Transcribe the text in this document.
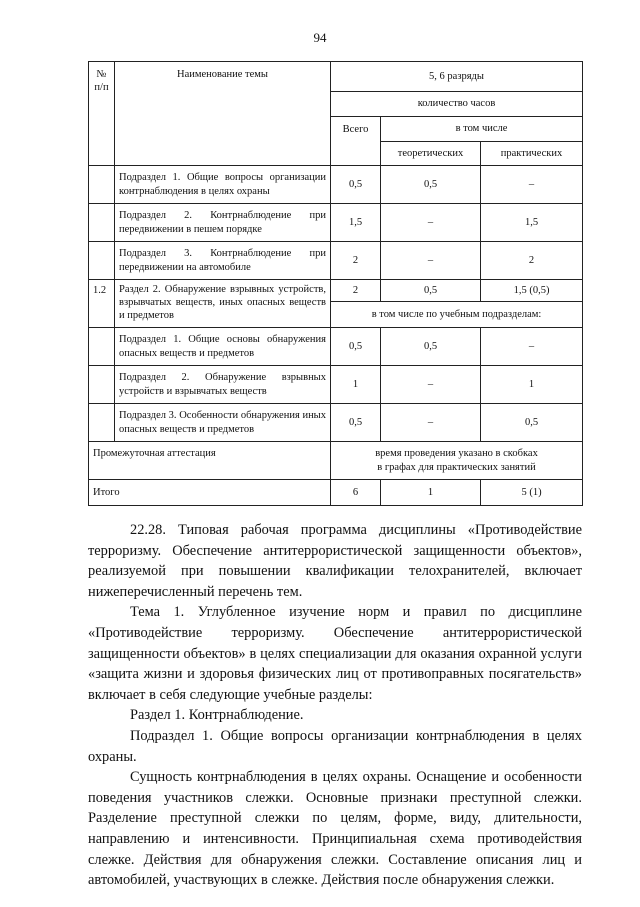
94
№
п/п	Наименование темы	5, 6 разряды		
		количество часов		
		Всего	в том числе	
			теоретических	практических
	Подраздел 1. Общие вопросы организации контрнаблюдения в целях охраны	0,5	0,5	–
	Подраздел 2. Контрнаблюдение при передвижении в пешем порядке	1,5	–	1,5
	Подраздел 3. Контрнаблюдение при передвижении на автомобиле	2	–	2
1.2	Раздел 2. Обнаружение взрывных устройств, взрывчатых веществ, иных опасных веществ и предметов	2	0,5	1,5 (0,5)
		в том числе по учебным подразделам:		
	Подраздел 1. Общие основы обнаружения опасных веществ и предметов	0,5	0,5	–
	Подраздел 2. Обнаружение взрывных устройств и взрывчатых веществ	1	–	1
	Подраздел 3. Особенности обнаружения иных опасных веществ и предметов	0,5	–	0,5
Промежуточная аттестация		время проведения указано в скобках
в графах для практических занятий		
Итого		6	1	5 (1)

22.28. Типовая рабочая программа дисциплины «Противодействие терроризму. Обеспечение антитеррористической защищенности объектов», реализуемой при повышении квалификации телохранителей, включает нижеперечисленный перечень тем.

Тема 1. Углубленное изучение норм и правил по дисциплине «Противодействие терроризму. Обеспечение антитеррористической защищенности объектов» в целях специализации для оказания охранной услуги «защита жизни и здоровья физических лиц от противоправных посягательств» включает в себя следующие учебные разделы:

Раздел 1. Контрнаблюдение.

Подраздел 1. Общие вопросы организации контрнаблюдения в целях охраны.

Сущность контрнаблюдения в целях охраны. Оснащение и особенности поведения участников слежки. Основные признаки преступной слежки. Разделение преступной слежки по целям, форме, виду, длительности, направлению и интенсивности. Принципиальная схема противодействия слежке. Действия для обнаружения слежки. Составление описания лиц и автомобилей, участвующих в слежке. Действия после обнаружения слежки.
